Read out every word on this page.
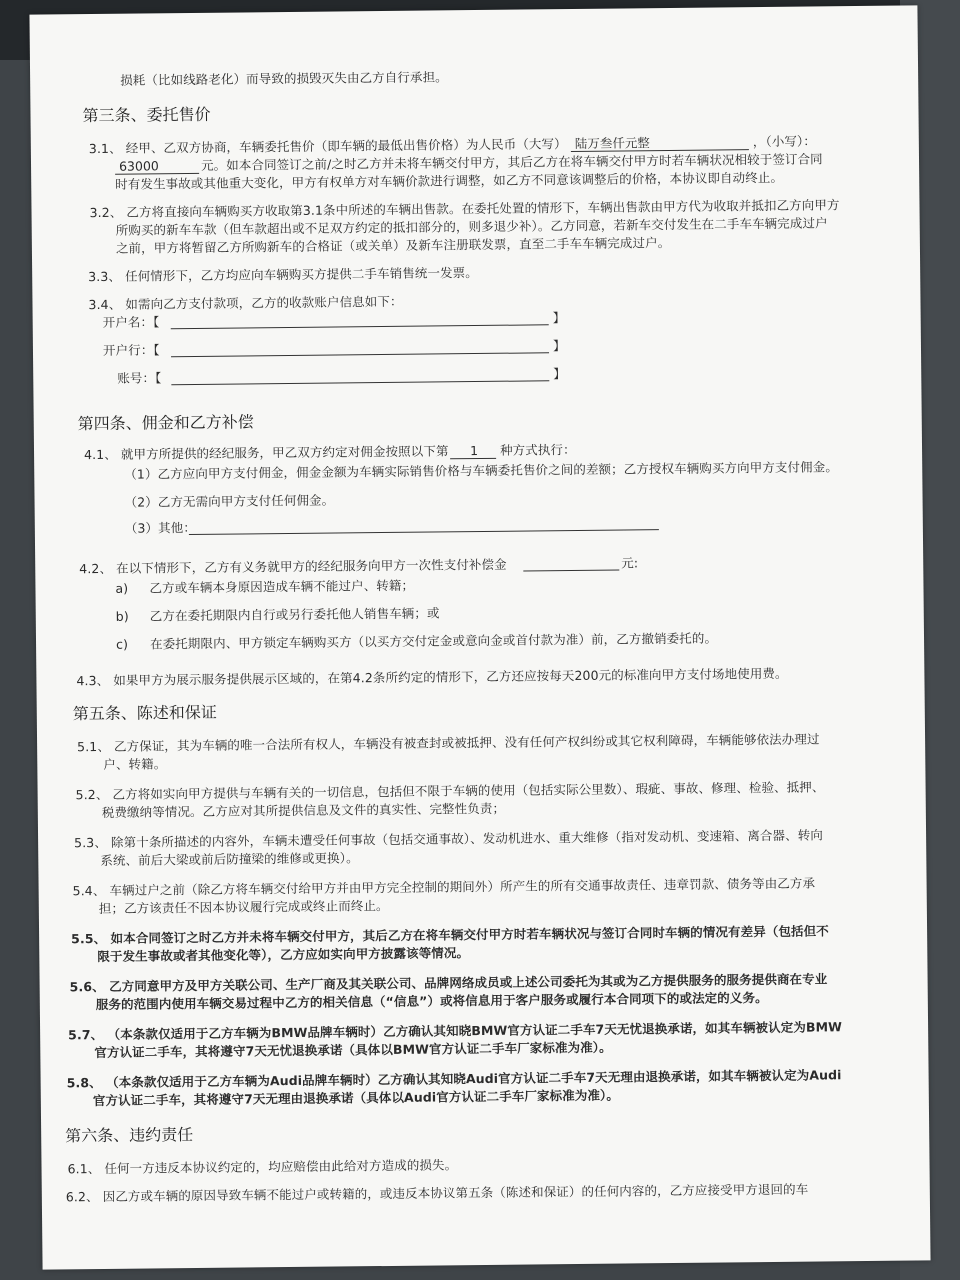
损耗（比如线路老化）而导致的损毁灭失由乙方自行承担。
第三条、委托售价
3.1、 经甲、乙双方协商，车辆委托售价（即车辆的最低出售价格）为人民币（大写） 陆万叁仟元整	，（小写）：
63000	元。如本合同签订之前/之时乙方并未将车辆交付甲方，其后乙方在将车辆交付甲方时若车辆状况相较于签订合同
时有发生事故或其他重大变化，甲方有权单方对车辆价款进行调整，如乙方不同意该调整后的价格，本协议即自动终止。
3.2、 乙方将直接向车辆购买方收取第3.1条中所述的车辆出售款。在委托处置的情形下，车辆出售款由甲方代为收取并抵扣乙方向甲方
所购买的新车车款（但车款超出或不足双方约定的抵扣部分的，则多退少补）。乙方同意，若新车交付发生在二手车车辆完成过户
之前，甲方将暂留乙方所购新车的合格证（或关单）及新车注册联发票，直至二手车车辆完成过户。
3.3、 任何情形下，乙方均应向车辆购买方提供二手车销售统一发票。
3.4、 如需向乙方支付款项，乙方的收款账户信息如下：
开户名：【	】
开户行：【	】
账号：【	】
第四条、佣金和乙方补偿
4.1、 就甲方所提供的经纪服务，甲乙双方约定对佣金按照以下第 1 种方式执行：
（1）乙方应向甲方支付佣金，佣金金额为车辆实际销售价格与车辆委托售价之间的差额；乙方授权车辆购买方向甲方支付佣金。
（2）乙方无需向甲方支付任何佣金。
（3）其他：
4.2、 在以下情形下，乙方有义务就甲方的经纪服务向甲方一次性支付补偿金	元:
a) 乙方或车辆本身原因造成车辆不能过户、转籍；
b) 乙方在委托期限内自行或另行委托他人销售车辆；或
c) 在委托期限内、甲方锁定车辆购买方（以买方交付定金或意向金或首付款为准）前，乙方撤销委托的。
4.3、 如果甲方为展示服务提供展示区域的，在第4.2条所约定的情形下，乙方还应按每天200元的标准向甲方支付场地使用费。
第五条、陈述和保证
5.1、 乙方保证，其为车辆的唯一合法所有权人，车辆没有被查封或被抵押、没有任何产权纠纷或其它权利障碍，车辆能够依法办理过
户、转籍。
5.2、 乙方将如实向甲方提供与车辆有关的一切信息，包括但不限于车辆的使用（包括实际公里数）、瑕疵、事故、修理、检验、抵押、
税费缴纳等情况。乙方应对其所提供信息及文件的真实性、完整性负责；
5.3、 除第十条所描述的内容外，车辆未遭受任何事故（包括交通事故）、发动机进水、重大维修（指对发动机、变速箱、离合器、转向
系统、前后大梁或前后防撞梁的维修或更换）。
5.4、 车辆过户之前（除乙方将车辆交付给甲方并由甲方完全控制的期间外）所产生的所有交通事故责任、违章罚款、债务等由乙方承
担；乙方该责任不因本协议履行完成或终止而终止。
5.5、 如本合同签订之时乙方并未将车辆交付甲方，其后乙方在将车辆交付甲方时若车辆状况与签订合同时车辆的情况有差异（包括但不
限于发生事故或者其他变化等），乙方应如实向甲方披露该等情况。
5.6、 乙方同意甲方及甲方关联公司、生产厂商及其关联公司、品牌网络成员或上述公司委托为其或为乙方提供服务的服务提供商在专业
服务的范围内使用车辆交易过程中乙方的相关信息（“信息”）或将信息用于客户服务或履行本合同项下的或法定的义务。
5.7、 （本条款仅适用于乙方车辆为BMW品牌车辆时）乙方确认其知晓BMW官方认证二手车7天无忧退换承诺，如其车辆被认定为BMW
官方认证二手车，其将遵守7天无忧退换承诺（具体以BMW官方认证二手车厂家标准为准）。
5.8、 （本条款仅适用于乙方车辆为Audi品牌车辆时）乙方确认其知晓Audi官方认证二手车7天无理由退换承诺，如其车辆被认定为Audi
官方认证二手车，其将遵守7天无理由退换承诺（具体以Audi官方认证二手车厂家标准为准）。
第六条、违约责任
6.1、 任何一方违反本协议约定的，均应赔偿由此给对方造成的损失。
6.2、 因乙方或车辆的原因导致车辆不能过户或转籍的，或违反本协议第五条（陈述和保证）的任何内容的，乙方应接受甲方退回的车
